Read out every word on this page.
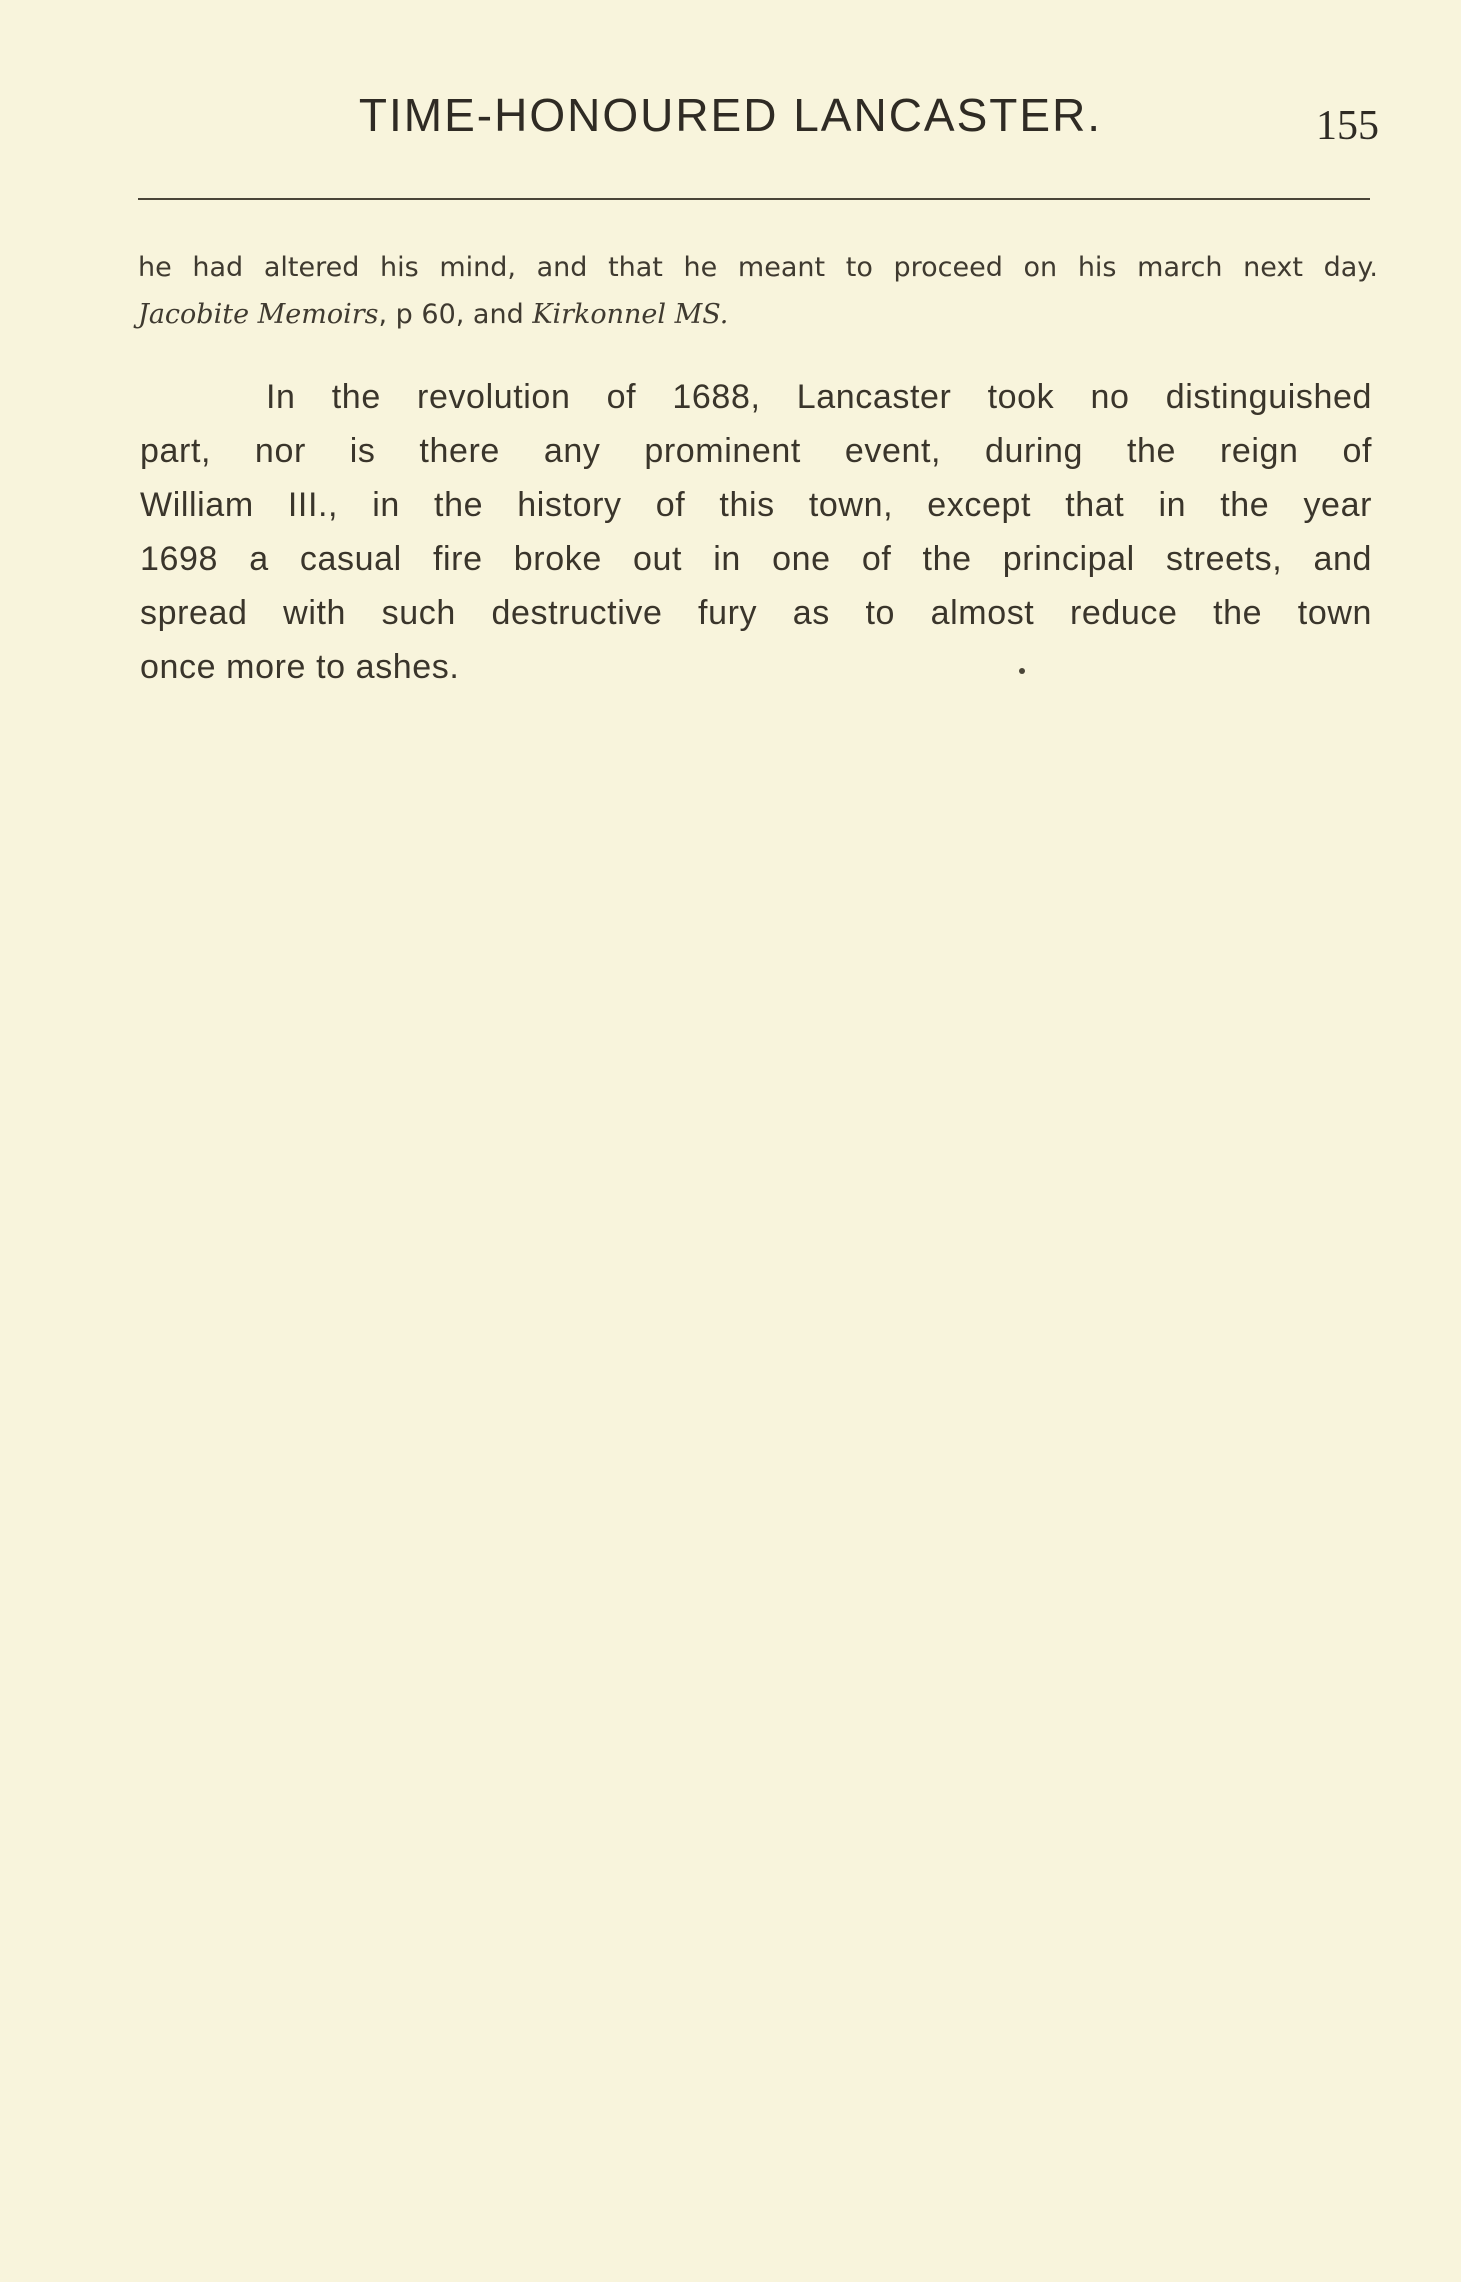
TIME-HONOURED LANCASTER.	155
he had altered his mind, and that he meant to proceed on his march next day.
Jacobite Memoirs, p 60, and Kirkonnel MS.
In the revolution of 1688, Lancaster took no distinguished
part, nor is there any prominent event, during the reign of
William III., in the history of this town, except that in the year
1698 a casual fire broke out in one of the principal streets, and
spread with such destructive fury as to almost reduce the town
once more to ashes.
